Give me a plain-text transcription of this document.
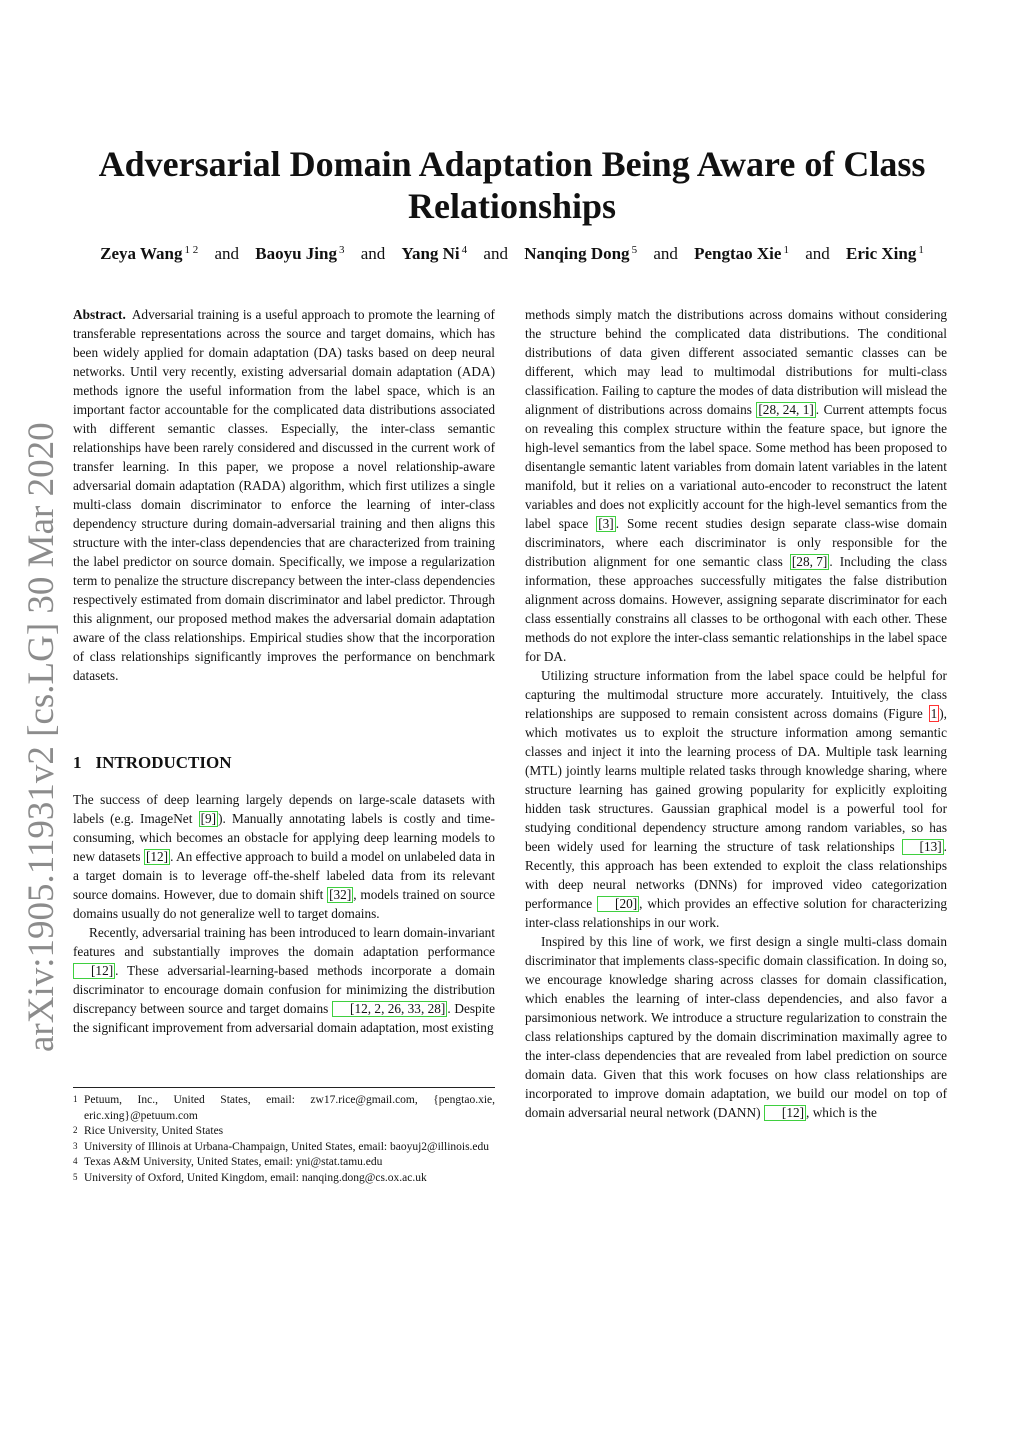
arXiv:1905.11931v2 [cs.LG] 30 Mar 2020
Adversarial Domain Adaptation Being Aware of Class Relationships
Zeya Wang $^{1 2}$ and Baoyu Jing $^3$ and Yang Ni $^4$ and Nanqing Dong $^5$ and Pengtao Xie $^1$ and Eric Xing $^1$

Abstract. Adversarial training is a useful approach to promote the learning of transferable representations across the source and target domains, which has been widely applied for domain adaptation (DA) tasks based on deep neural networks. Until very recently, existing adversarial domain adaptation (ADA) methods ignore the useful information from the label space, which is an important factor accountable for the complicated data distributions associated with different semantic classes. Especially, the inter-class semantic relationships have been rarely considered and discussed in the current work of transfer learning. In this paper, we propose a novel relationship-aware adversarial domain adaptation (RADA) algorithm, which first utilizes a single multi-class domain discriminator to enforce the learning of inter-class dependency structure during domain-adversarial training and then aligns this structure with the inter-class dependencies that are characterized from training the label predictor on source domain. Specifically, we impose a regularization term to penalize the structure discrepancy between the inter-class dependencies respectively estimated from domain discriminator and label predictor. Through this alignment, our proposed method makes the adversarial domain adaptation aware of the class relationships. Empirical studies show that the incorporation of class relationships significantly improves the performance on benchmark datasets.

1 INTRODUCTION

The success of deep learning largely depends on large-scale datasets with labels (e.g. ImageNet [9] ). Manually annotating labels is costly and time-consuming, which becomes an obstacle for applying deep learning models to new datasets [12] . An effective approach to build a model on unlabeled data in a target domain is to leverage off-the-shelf labeled data from its relevant source domains. However, due to domain shift [32] , models trained on source domains usually do not generalize well to target domains.

Recently, adversarial training has been introduced to learn domain-invariant features and substantially improves the domain adaptation performance [12] . These adversarial-learning-based methods incorporate a domain discriminator to encourage domain confusion for minimizing the distribution discrepancy between source and target domains [12, 2, 26, 33, 28] . Despite the significant improvement from adversarial domain adaptation, most existing

1 Petuum, Inc., United States, email: zw17.rice@gmail.com, {pengtao.xie, eric.xing}@petuum.com
2 Rice University, United States
3 University of Illinois at Urbana-Champaign, United States, email: baoyuj2@illinois.edu
4 Texas A&M University, United States, email: yni@stat.tamu.edu
5 University of Oxford, United Kingdom, email: nanqing.dong@cs.ox.ac.uk

methods simply match the distributions across domains without considering the structure behind the complicated data distributions. The conditional distributions of data given different associated semantic classes can be different, which may lead to multimodal distributions for multi-class classification. Failing to capture the modes of data distribution will mislead the alignment of distributions across domains [28, 24, 1] . Current attempts focus on revealing this complex structure within the feature space, but ignore the high-level semantics from the label space. Some method has been proposed to disentangle semantic latent variables from domain latent variables in the latent manifold, but it relies on a variational auto-encoder to reconstruct the latent variables and does not explicitly account for the high-level semantics from the label space [3] . Some recent studies design separate class-wise domain discriminators, where each discriminator is only responsible for the distribution alignment for one semantic class [28, 7] . Including the class information, these approaches successfully mitigates the false distribution alignment across domains. However, assigning separate discriminator for each class essentially constrains all classes to be orthogonal with each other. These methods do not explore the inter-class semantic relationships in the label space for DA.

Utilizing structure information from the label space could be helpful for capturing the multimodal structure more accurately. Intuitively, the class relationships are supposed to remain consistent across domains (Figure 1 ), which motivates us to exploit the structure information among semantic classes and inject it into the learning process of DA. Multiple task learning (MTL) jointly learns multiple related tasks through knowledge sharing, where structure learning has gained growing popularity for explicitly exploiting hidden task structures. Gaussian graphical model is a powerful tool for studying conditional dependency structure among random variables, so has been widely used for learning the structure of task relationships [13] . Recently, this approach has been extended to exploit the class relationships with deep neural networks (DNNs) for improved video categorization performance [20] , which provides an effective solution for characterizing inter-class relationships in our work.

Inspired by this line of work, we first design a single multi-class domain discriminator that implements class-specific domain classification. In doing so, we encourage knowledge sharing across classes for domain classification, which enables the learning of inter-class dependencies, and also favor a parsimonious network. We introduce a structure regularization to constrain the class relationships captured by the domain discrimination maximally agree to the inter-class dependencies that are revealed from label prediction on source domain data. Given that this work focuses on how class relationships are incorporated to improve domain adaptation, we build our model on top of domain adversarial neural network (DANN) [12] , which is the
